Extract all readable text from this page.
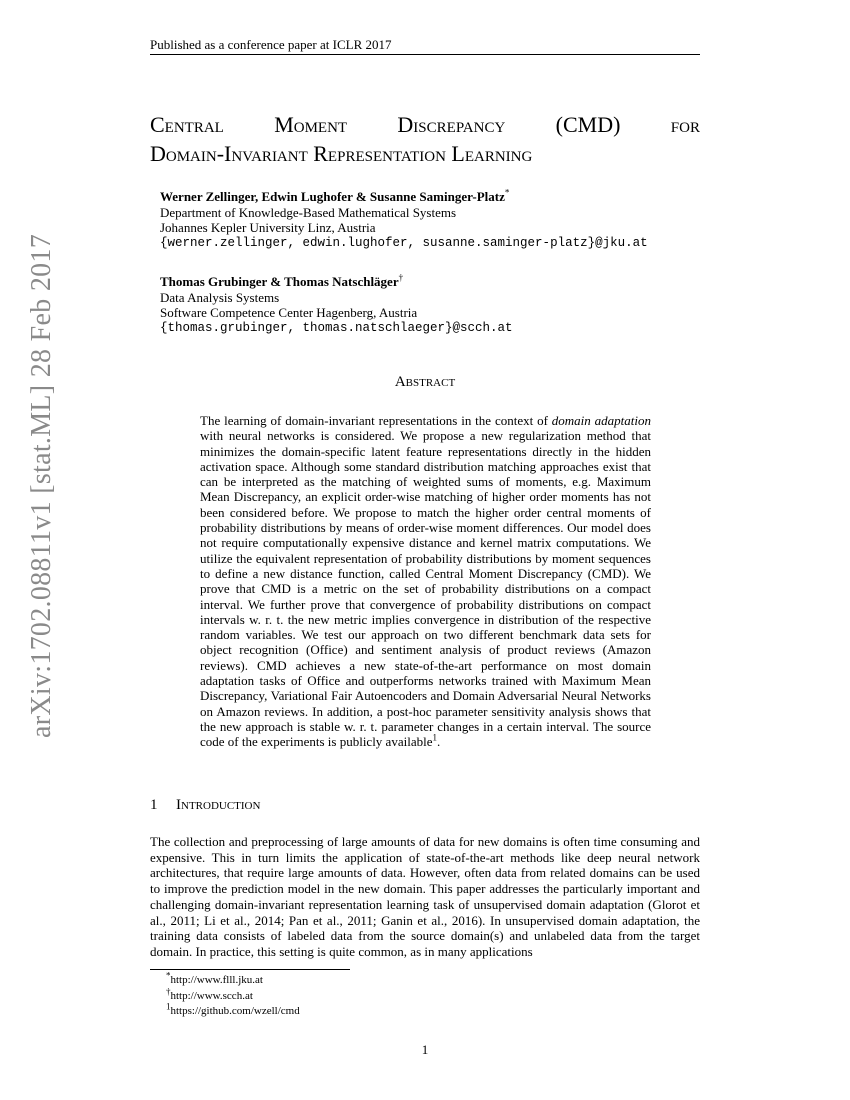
Published as a conference paper at ICLR 2017
Central Moment Discrepancy (CMD) for
Domain-Invariant Representation Learning
Werner Zellinger, Edwin Lughofer & Susanne Saminger-Platz*
Department of Knowledge-Based Mathematical Systems
Johannes Kepler University Linz, Austria
{werner.zellinger, edwin.lughofer, susanne.saminger-platz}@jku.at
Thomas Grubinger & Thomas Natschläger†
Data Analysis Systems
Software Competence Center Hagenberg, Austria
{thomas.grubinger, thomas.natschlaeger}@scch.at
Abstract
The learning of domain-invariant representations in the context of domain adaptation with neural networks is considered. We propose a new regularization method that minimizes the domain-specific latent feature representations directly in the hidden activation space. Although some standard distribution matching approaches exist that can be interpreted as the matching of weighted sums of moments, e.g. Maximum Mean Discrepancy, an explicit order-wise matching of higher order moments has not been considered before. We propose to match the higher order central moments of probability distributions by means of order-wise moment differences. Our model does not require computationally expensive distance and kernel matrix computations. We utilize the equivalent representation of probability distributions by moment sequences to define a new distance function, called Central Moment Discrepancy (CMD). We prove that CMD is a metric on the set of probability distributions on a compact interval. We further prove that convergence of probability distributions on compact intervals w. r. t. the new metric implies convergence in distribution of the respective random variables. We test our approach on two different benchmark data sets for object recognition (Office) and sentiment analysis of product reviews (Amazon reviews). CMD achieves a new state-of-the-art performance on most domain adaptation tasks of Office and outperforms networks trained with Maximum Mean Discrepancy, Variational Fair Autoencoders and Domain Adversarial Neural Networks on Amazon reviews. In addition, a post-hoc parameter sensitivity analysis shows that the new approach is stable w. r. t. parameter changes in a certain interval. The source code of the experiments is publicly available$^1$.
1 Introduction
The collection and preprocessing of large amounts of data for new domains is often time consuming and expensive. This in turn limits the application of state-of-the-art methods like deep neural network architectures, that require large amounts of data. However, often data from related domains can be used to improve the prediction model in the new domain. This paper addresses the particularly important and challenging domain-invariant representation learning task of unsupervised domain adaptation (Glorot et al., 2011; Li et al., 2014; Pan et al., 2011; Ganin et al., 2016). In unsupervised domain adaptation, the training data consists of labeled data from the source domain(s) and unlabeled data from the target domain. In practice, this setting is quite common, as in many applications
*http://www.flll.jku.at
†http://www.scch.at
$^1$https://github.com/wzell/cmd
1
arXiv:1702.08811v1 [stat.ML] 28 Feb 2017
